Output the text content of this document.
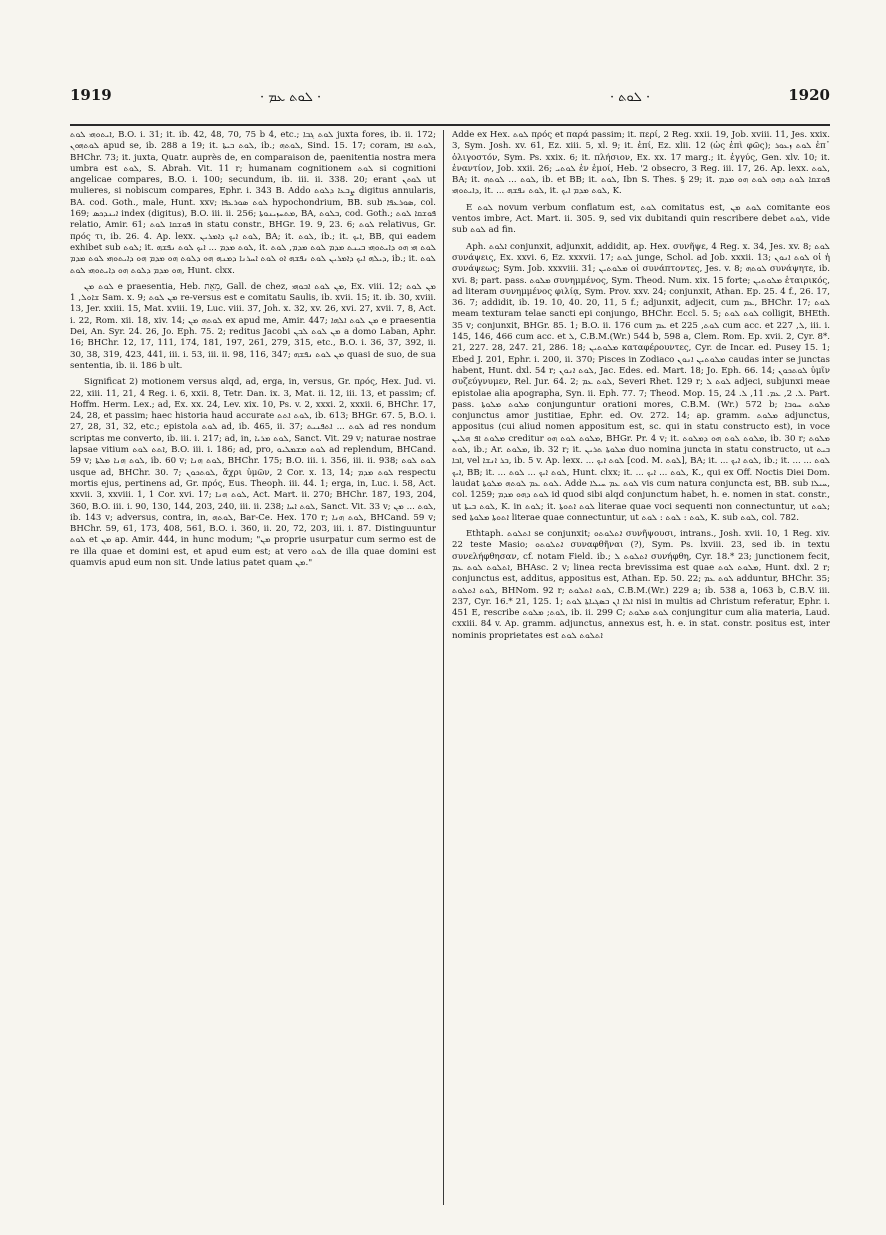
1919	· ܠܘܬ ܥܡ ·	· ܠܘܬ ·	1920

ܐܝܬܘܗܝ ܠܘܬ, B.O. i. 31; it. ib. 42, 48, 70, 75 b 4, etc.; ܠܘܬ ܓܒܐ juxta fores, ib. ii. 172; ܠܘܬܗܘܢ apud se, ib. 288 a 19; it. ܠܘܬ ܒܝܬܐ, ib.; ܠܘܬܗ, Sind. 15. 17; coram, ܠܘܬ ܐܦܐ, BHChr. 73; it. juxta, Quatr. auprès de, en comparaison de, paenitentia nostra mera umbra est ܠܘܬ, S. Abrah. Vit. 11 r; humanam cognitionem ܠܘܬ si cognitioni angelicae compares, B.O. i. 100; secundum, ib. iii. ii. 338. 20; erant ܠܘܬܢ ut mulieres, si nobiscum compares, Ephr. i. 343 B. Addo ܨܒܥܐ ܕܠܘܬ digitus annularis, BA. cod. Goth., male, Hunt. xxv; ܠܘܬ ܣܘܪܥܦܐ hypochondrium, BB. sub ܣܘܪܥܦܐ, col. 169; ܐܝܢܕܟܣ index (digitus), B.O. iii. ii. 256; ܡܬܚܙܝܢܘܬܐ, BA, ܒܠܘܬ, cod. Goth.; ܦܘܫܩܐ ܠܘܬ relatio, Amir. 61; ܦܘܫܩܐ ܠܘܬ in statu constr., BHGr. 19. 9, 23. 6; ܠܘܬ relativus, Gr. πρός τι, ib. 26. 4. Ap. lexx. ܠܘܬ ܐܝܟ ܕܐܡܪܝܢ, BA; it. ܠܘܬ, ib.; it. ܐܝܟ, BB, qui eadem exhibet sub ܠܘܬ; it. ܠܘܬ ܡܕܡ ... ܐܝܟ ܠܘܬ ܢܦܫܗ, it. ܠܘܬ ܗܝ ܗܘ ܕܐܝܬܘܗܝ ܒܝܢܬ ܡܕܡ ܠܘܬ ܡܕܡ, ܠܘܬ ܕܝܠܗ ܐܝܟ ܕܐܡܪܝܢ ܠܘܬ ܢܦܫܗ ܐܘ ܠܘܬ ܐܚܪܢܐ ܕܡܢܗ ܗܘ ܕܠܘܬ ܗܘ ܡܕܡ ܗܘ ܕܐܝܬܘܗܝ ܠܘܬ ܡܕܡ, ib.; it. ܠܘܬ ܗܘ ܡܕܡ ܕܠܘܬ ܗܘ ܕܐܝܬܘܗܝ ܠܘܬ, Hunt. clxx.

ܠܘܬ ܡܢ e praesentia, Heb. מֵאֵת, Gall. de chez, ܡܢ ܠܘܬ ܐܒܘܗܝ, Ex. viii. 12; ܡܢ ܠܘܬ ܫܐܘܠ, 1 Sam. x. 9; ܡܢ ܠܘܬ re-versus est e comitatu Saulis, ib. xvii. 15; it. ib. 30, xviii. 13, Jer. xxiii. 15, Mat. xviii. 19, Luc. viii. 37, Joh. x. 32, xv. 26, xvi. 27, xvii. 7, 8, Act. i. 22, Rom. xii. 18, xiv. 14; ܠܘܬܗ ܡܢ ex apud me, Amir. 447; ܡܢ ܠܘܬ ܐܠܗܐ e praesentia Dei, An. Syr. 24. 26, Jo. Eph. 75. 2; reditus Jacobi ܡܢ ܠܘܬ ܠܒܢ a domo Laban, Aphr. 16; BHChr. 12, 17, 111, 174, 181, 197, 261, 279, 315, etc., B.O. i. 36, 37, 392, ii. 30, 38, 319, 423, 441, iii. i. 53, iii. ii. 98, 116, 347; ܡܢ ܠܘܬ ܢܦܫܗ quasi de suo, de sua sententia, ib. ii. 186 b ult.

Significat 2) motionem versus alqd, ad, erga, in, versus, Gr. πρός, Hex. Jud. vi. 22, xiii. 11, 21, 4 Reg. i. 6, xxii. 8, Tetr. Dan. ix. 3, Mat. ii. 12, iii. 13, et passim; cf. Hoffm. Herm. Lex.; ad, Ex. xx. 24, Lev. xix. 10, Ps. v. 2, xxxi. 2, xxxii. 6, BHChr. 17, 24, 28, et passim; haec historia haud accurate ܠܘܬ ܐܬܬ, ib. 613; BHGr. 67. 5, B.O. i. 27, 28, 31, 32, etc.; epistola ܠܘܬ ad, ib. 465, ii. 37; ܠܘܬ ... ܐܬܦܢܝܬ ad res nondum scriptas me converto, ib. iii. i. 217; ad, in, ܠܘܬ ܡܪܝܐ, Sanct. Vit. 29 v; naturae nostrae lapsae vitium ܐܬܬ ܠܘܬ, B.O. iii. i. 186; ad, pro, ܠܘܬ ܡܫܡܠܝܘ ad replendum, BHCand. 59 v; ܠܘܬ ܗܢܐ ܡܠܬܐ, ib. 60 v; ܠܘܬ ܗܢܐ, BHChr. 175; B.O. iii. i. 356, iii. ii. 938; ܠܘܬ ܠܘܬ usque ad, BHChr. 30. 7; ܠܘܬܟܘܢ, ἄχρι ὑμῶν, 2 Cor. x. 13, 14; ܠܘܬ ܡܕܡ respectu mortis ejus, pertinens ad, Gr. πρός, Eus. Theoph. iii. 44. 1; erga, in, Luc. i. 58, Act. xxvii. 3, xxviii. 1, 1 Cor. xvi. 17; ܠܘܬ ܗܢܐ, Act. Mart. ii. 270; BHChr. 187, 193, 204, 360, B.O. iii. i. 90, 130, 144, 203, 240, iii. ii. 238; ܠܘܬ ܐܚܐ, Sanct. Vit. 33 v; ܠܘܬ ... ܡܢ, ib. 143 v; adversus, contra, in, ܠܘܬܗ, Bar-Ce. Hex. 170 r; ܠܘܬ ܗܢܐ, BHCand. 59 v; BHChr. 59, 61, 173, 408, 561, B.O. i. 360, ii. 20, 72, 203, iii. i. 87. Distinguuntur ܠܘܬ et ܡܢ ap. Amir. 444, in hunc modum; "ܡܢ proprie usurpatur cum sermo est de re illa quae et domini est, et apud eum est; at vero ܠܘܬ de illa quae domini est quamvis apud eum non sit. Unde latius patet quam ܡܢ."

Adde ex Hex. ܠܘܬ πρός et παρά passim; it. περί, 2 Reg. xxii. 19, Job. xviii. 11, Jes. xxix. 3, Sym. Josh. xv. 61, Ez. xiii. 5, xl. 9; it. ἐπί, Ez. xlii. 12 (ὡς ἐπὶ φῶς); ܠܘܬ ܙܥܘܪ ἐπ᾽ ὀλιγοστόν, Sym. Ps. xxix. 6; it. πλήσιον, Ex. xx. 17 marg.; it. ἐγγύς, Gen. xlv. 10; it. ἐναντίον, Job. xxii. 26; ܠܘܬܝ ἐν ἐμοί, Heb. '2 obsecro, 3 Reg. iii. 17, 26. Ap. lexx. ܠܘܬ, BA; it. ܠܘܬ ... ܠܘܬܗ, ib. et BB; it. ܠܘܬ, Ibn S. Thes. § 29; it. ܦܘܫܩܐ ܠܘܬ ܕܗܘ ܠܘܬ ܗܘ ܡܕܡ ܕܐܝܬܘܗܝ, it. ... ܠܘܬ ܢܦܫܗ, it. ܠܘܬ ܡܕܡ ܐܝܟ, K.

E ܠܘܬ novum verbum conflatum est, ܠܘܬ comitatus est, ܠܘܬ ܡܢ comitante eos ventos imbre, Act. Mart. ii. 305. 9, sed vix dubitandi quin rescribere debet ܠܘܬ, vide sub ܠܘܬ ad fin.

Aph. ܐܠܘܬ conjunxit, adjunxit, addidit, ap. Hex. συνῆψε, 4 Reg. x. 34, Jes. xv. 8; ܠܘܬ συνάψεις, Ex. xxvi. 6, Ez. xxxvii. 17; ܠܘܬ junge, Schol. ad Job. xxxii. 13; ܠܘܬ ܐܢܘܢ οἱ ἡ συνάψεως; Sym. Job. xxxviii. 31; ܡܠܘܬܝܢ οἱ συνάπτοντες, Jes. v. 8; ܠܘܬܗ συνάψητε, ib. xvi. 8; part. pass. ܡܠܘܬ συνημμένος, Sym. Theod. Num. xix. 15 forte; ܡܠܘܬܝܢ ἑταιρικός, ad literam συνημμένος φιλίᾳ, Sym. Prov. xxv. 24; conjunxit, Athan. Ep. 25. 4 f., 26. 17, 36. 7; addidit, ib. 19. 10, 40. 20, 11, 5 f.; adjunxit, adjecit, cum ܥܡ, BHChr. 17; ܠܘܬ meam texturam telae sancti epi conjungo, BHChr. Eccl. 5. 5; ܠܘܬ ܠܘܬ colligit, BHEth. 35 v; conjunxit, BHGr. 85. 1; B.O. ii. 176 cum ܥܡ et ܠܘܬ, 225 cum acc. et ܠ, 227, iii. i. 145, 146, 466 cum acc. et ܠ, C.B.M.(Wr.) 544 b, 598 a, Clem. Rom. Ep. xvii. 2, Cyr. 8*. 21, 227. 28, 247. 21, 286. 18; ܡܠܘܬܝܢ καταφέρουντες, Cyr. de Incar. ed. Pusey 15. 1; Ebed J. 201, Ephr. i. 200, ii. 370; Pisces in Zodiaco ܡܠܘܬܝܢ ܐܢܘܢ caudas inter se junctas habent, Hunt. dxl. 54 r; ܠܘܬ ܐܢܘܢ, Jac. Edes. ed. Mart. 18; Jo. Eph. 66. 14; ܠܘܬܟܘܢ ὑμῖν συζεύγνυμεν, Rel. Jur. 64. 2; ܠܘܬ ܥܡ, Severi Rhet. 129 r; ܠܘܬ ܠ adjeci, subjunxi meae epistolae alia apographa, Syn. ii. Eph. 77. 7; Theod. Mop. 15, ܠ. 2, ܥܡ. 11, ܠ. 24. Part. pass. ܡܠܘܬ ܡܠܘܬܐ conjunguntur orationi mores, C.B.M. (Wr.) 572 b; ܡܠܘܬ ܚܘܒܐ conjunctus amor justitiae, Ephr. ed. Ov. 272. 14; ap. gramm. ܡܠܘܬ adjunctus, appositus (cui aliud nomen appositum est, sc. qui in statu constructo est), in voce ܡܠܘܬ ܐܦ ܗܠܝܢ creditur ܡܠܘܬ ܠܘܬ ܗܘ, BHGr. Pr. 4 v; it. ܡܠܘܬ ܠܘܬ ܗܘ ܕܡܠܘܬ, ib. 30 r; ܡܠܘܬ ܠܘܬ, ib.; Ar. ܡܠܘܬ, ib. 32 r; it. ܡܠܘܬܐ ܬܪܝܢ duo nomina juncta in statu constructo, ut ܒܝܬ ܐܒܐ, vel ܒܪ ܐܢܫܐ, ib. 5 v. Ap. lexx. ... ܠܘܬ ܐܝܟ [cod. M. ܠܘܬ], BA; it. ... ܠܘܬ ܐܝܟ, ib.; it. ... ܠܘܬ ... ܐܝܟ, BB; it. ... ܠܘܬ ܐܝܟ ... ܠܘܬ, Hunt. clxx; it. ... ܠܘܬ ... ܐܝܟ, K., qui ex Off. Noctis Diei Dom. laudat ܠܘܬ ܥܡ ܠܘܬܗ ܡܠܘܬܐ. Adde ܠܘܬ ܥܡ ܚܝܠܐ vis cum natura conjuncta est, BB. sub ܚܝܠܐ, col. 1259; ܠܘܬ ܕܗܘ ܡܕܡ id quod sibi alqd conjunctum habet, h. e. nomen in stat. constr., ut ܠܘܬ ܒܝܬܐ, K. in ܠܘܬ; it. ܠܘܬ ܐܬܘܬܐ literae quae voci sequenti non connectuntur, ut ܠܘܬ; sed ܐܬܘܬܐ ܡܠܘܬܐ literae quae connectuntur, ut ܠܘܬ : ܠܘܬ : ܠܘܬ, K. sub ܠܘܬ, col. 782.

Ethtaph. ܐܬܠܘܬ se conjunxit; ܐܬܠܘܬܘ συνῆψουσι, intrans., Josh. xvii. 10, 1 Reg. xiv. 22 teste Masio; ܐܬܠܘܬܘ συναφθῆναι (?), Sym. Ps. lxviii. 23, sed ib. in textu συνελήφθησαν, cf. notam Field. ib.; ܐܬܠܘܬ ܠ συνήφθη, Cyr. 18.* 23; junctionem fecit, ܐܬܠܘܬ ܠܘܬ ܥܡ, BHAsc. 2 v; linea recta brevissima est quae ܡܠܘܬ ܠܘܬ, Hunt. dxl. 2 r; conjunctus est, additus, appositus est, Athan. Ep. 50. 22; ܠܘܬ ܥܡ adduntur, BHChr. 35; ܠܘܬ ܐܬܠܘܬ, BHNom. 92 r; ܠܘܬ ܐܬܠܘܬ, C.B.M.(Wr.) 229 a; ib. 538 a, 1063 b, C.B.V. iii. 237, Cyr. 16.* 21, 125. 1; ܐܠܐ ܐܢ ܒܣܓܝܐܬܐ ܠܘܬ nisi in multis ad Christum referatur, Ephr. i. 451 E, rescribe ܠܘܬ; ܡܠܘܬ, ib. ii. 299 C; ܠܘܬ ܡܠܘܬ conjungitur cum alia materia, Laud. cxxiii. 84 v. Ap. gramm. adjunctus, annexus est, h. e. in stat. constr. positus est, inter nominis proprietates est ܐܬܠܘܬ ܠܘܬ
